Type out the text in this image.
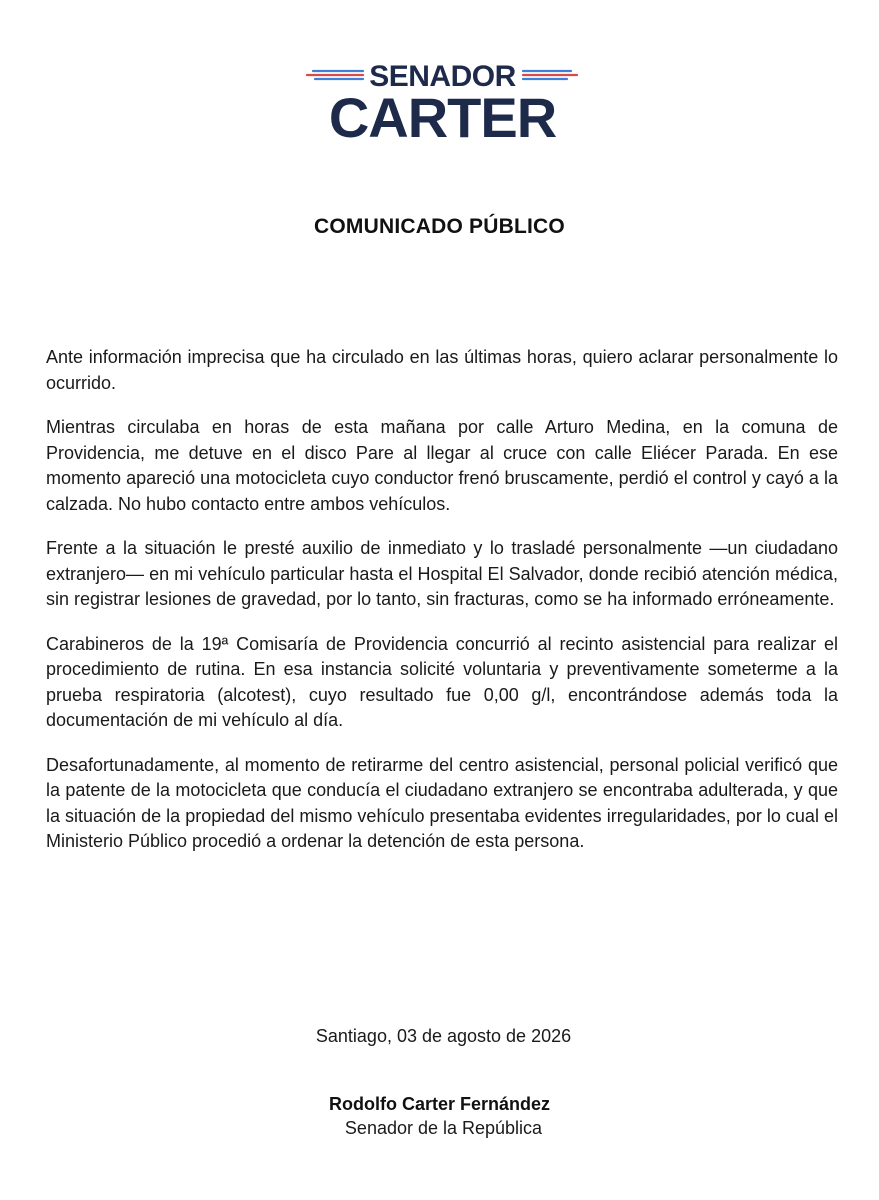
SENADOR
CARTER
COMUNICADO PÚBLICO

Ante información imprecisa que ha circulado en las últimas horas, quiero aclarar personalmente lo ocurrido.

Mientras circulaba en horas de esta mañana por calle Arturo Medina, en la comuna de Providencia, me detuve en el disco Pare al llegar al cruce con calle Eliécer Parada. En ese momento apareció una motocicleta cuyo conductor frenó bruscamente, perdió el control y cayó a la calzada. No hubo contacto entre ambos vehículos.

Frente a la situación le presté auxilio de inmediato y lo trasladé personalmente —un ciudadano extranjero— en mi vehículo particular hasta el Hospital El Salvador, donde recibió atención médica, sin registrar lesiones de gravedad, por lo tanto, sin fracturas, como se ha informado erróneamente.

Carabineros de la 19ª Comisaría de Providencia concurrió al recinto asistencial para realizar el procedimiento de rutina. En esa instancia solicité voluntaria y preventivamente someterme a la prueba respiratoria (alcotest), cuyo resultado fue 0,00 g/l, encontrándose además toda la documentación de mi vehículo al día.

Desafortunadamente, al momento de retirarme del centro asistencial, personal policial verificó que la patente de la motocicleta que conducía el ciudadano extranjero se encontraba adulterada, y que la situación de la propiedad del mismo vehículo presentaba evidentes irregularidades, por lo cual el Ministerio Público procedió a ordenar la detención de esta persona.

Santiago, 03 de agosto de 2026
Rodolfo Carter Fernández
Senador de la República
